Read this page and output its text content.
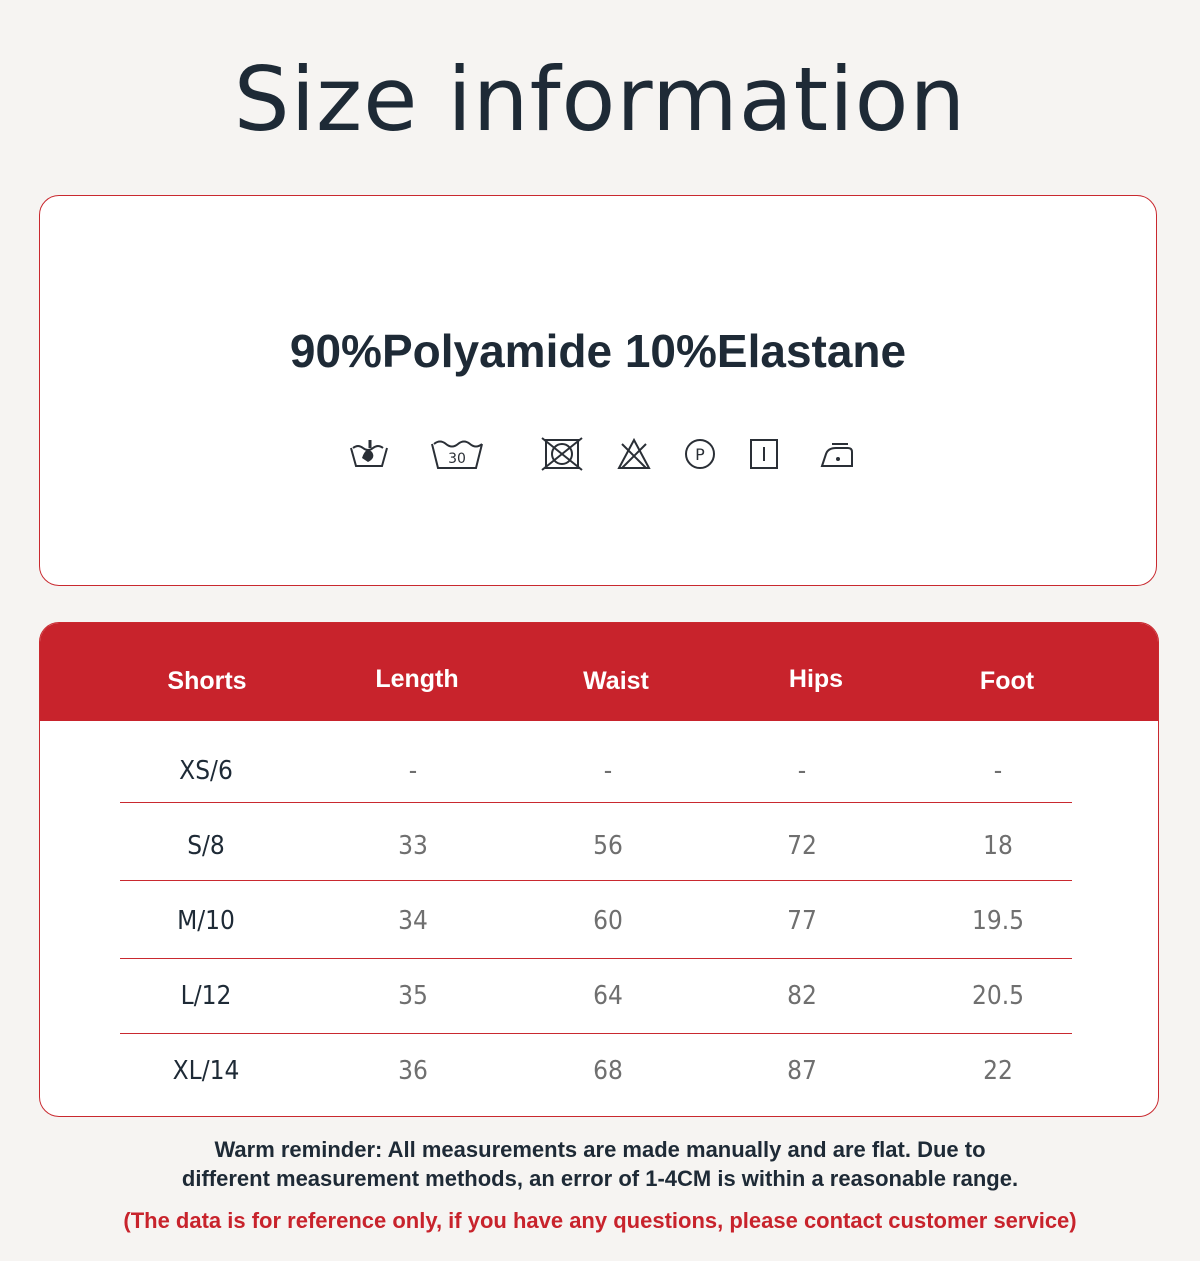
Size information
90%Polyamide 10%Elastane
30	P
Shorts	Length	Waist	Hips	Foot
XS/6	-	-	-	-
S/8	33	56	72	18
M/10	34	60	77	19.5
L/12	35	64	82	20.5
XL/14	36	68	87	22
Warm reminder: All measurements are made manually and are flat. Due to
different measurement methods, an error of 1-4CM is within a reasonable range.
(The data is for reference only, if you have any questions, please contact customer service)
